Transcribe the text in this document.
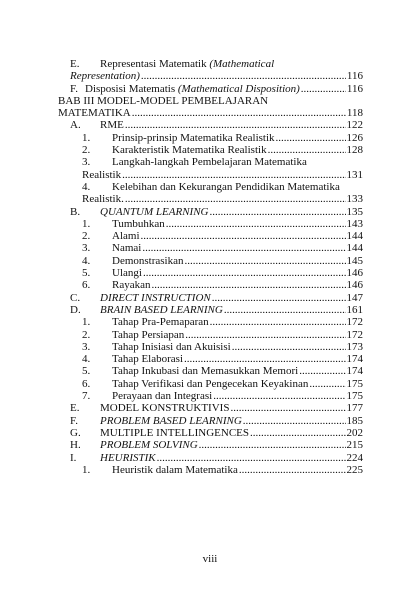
E.	Representasi Matematik (Mathematical
Representation) .....	116
F. Disposisi Matematis (Mathematical Disposition) .....	116
BAB III MODEL-MODEL PEMBELAJARAN
MATEMATIKA .....	118
A.	RME .....	122
1.	Prinsip-prinsip Matematika Realistik .....	126
2.	Karakteristik Matematika Realistik .....	128
3.	Langkah-langkah Pembelajaran Matematika
Realistik .....	131
4.	Kelebihan dan Kekurangan Pendidikan Matematika
Realistik. .....	133
B.	QUANTUM LEARNING .....	135
1.	Tumbuhkan .....	143
2.	Alami .....	144
3.	Namai .....	144
4.	Demonstrasikan .....	145
5.	Ulangi .....	146
6.	Rayakan .....	146
C.	DIRECT INSTRUCTION .....	147
D.	BRAIN BASED LEARNING .....	161
1.	Tahap Pra-Pemaparan .....	172
2.	Tahap Persiapan .....	172
3.	Tahap Inisiasi dan Akuisisi .....	173
4.	Tahap Elaborasi .....	174
5.	Tahap Inkubasi dan Memasukkan Memori .....	174
6.	Tahap Verifikasi dan Pengecekan Keyakinan .....	175
7.	Perayaan dan Integrasi .....	175
E.	MODEL KONSTRUKTIVIS .....	177
F.	PROBLEM BASED LEARNING .....	185
G.	MULTIPLE INTELLINGENCES .....	202
H.	PROBLEM SOLVING .....	215
I.	HEURISTIK .....	224
1.	Heuristik dalam Matematika .....	225
viii
